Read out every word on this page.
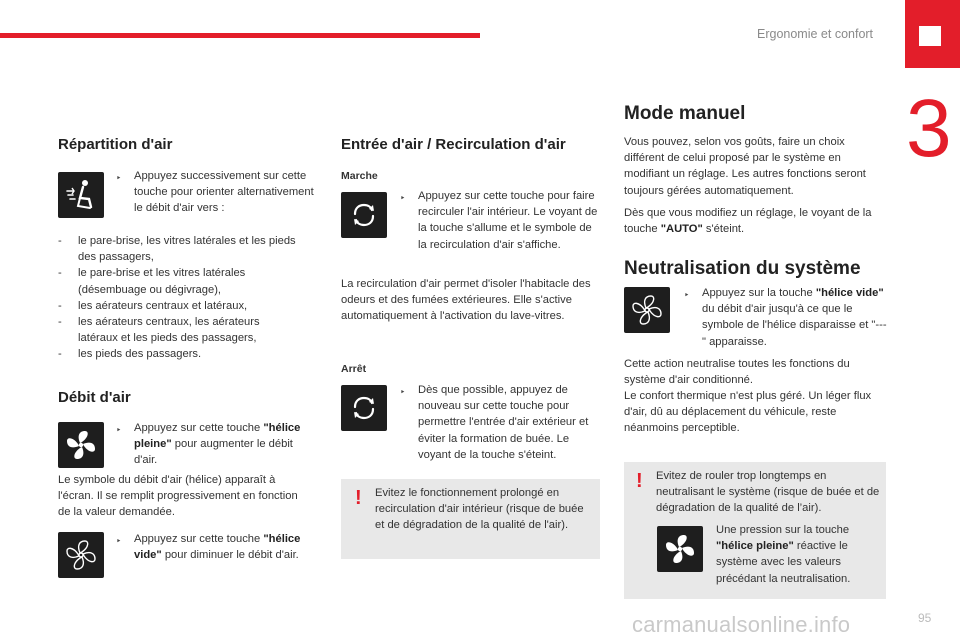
Ergonomie et confort
3
Répartition d'air
‣ Appuyez successivement sur cette touche pour orienter alternativement le débit d'air vers :
- le pare-brise, les vitres latérales et les pieds des passagers,
- le pare-brise et les vitres latérales (désembuage ou dégivrage),
- les aérateurs centraux et latéraux,
- les aérateurs centraux, les aérateurs latéraux et les pieds des passagers,
- les pieds des passagers.
Débit d'air
‣ Appuyez sur cette touche "hélice pleine" pour augmenter le débit d'air.
Le symbole du débit d'air (hélice) apparaît à l'écran. Il se remplit progressivement en fonction de la valeur demandée.
‣ Appuyez sur cette touche "hélice vide" pour diminuer le débit d'air.
Entrée d'air / Recirculation d'air
Marche
‣ Appuyez sur cette touche pour faire recirculer l'air intérieur. Le voyant de la touche s'allume et le symbole de la recirculation d'air s'affiche.
La recirculation d'air permet d'isoler l'habitacle des odeurs et des fumées extérieures. Elle s'active automatiquement à l'activation du lave-vitres.
Arrêt
‣ Dès que possible, appuyez de nouveau sur cette touche pour permettre l'entrée d'air extérieur et éviter la formation de buée. Le voyant de la touche s'éteint.
! Evitez le fonctionnement prolongé en recirculation d'air intérieur (risque de buée et de dégradation de la qualité de l'air).
Mode manuel
Vous pouvez, selon vos goûts, faire un choix différent de celui proposé par le système en modifiant un réglage. Les autres fonctions seront toujours gérées automatiquement.
Dès que vous modifiez un réglage, le voyant de la touche "AUTO" s'éteint.
Neutralisation du système
‣ Appuyez sur la touche "hélice vide" du débit d'air jusqu'à ce que le symbole de l'hélice disparaisse et "---" apparaisse.
Cette action neutralise toutes les fonctions du système d'air conditionné.
Le confort thermique n'est plus géré. Un léger flux d'air, dû au déplacement du véhicule, reste néanmoins perceptible.
! Evitez de rouler trop longtemps en neutralisant le système (risque de buée et de dégradation de la qualité de l’air).
Une pression sur la touche "hélice pleine" réactive le système avec les valeurs précédant la neutralisation.
carmanualsonline.info	95
